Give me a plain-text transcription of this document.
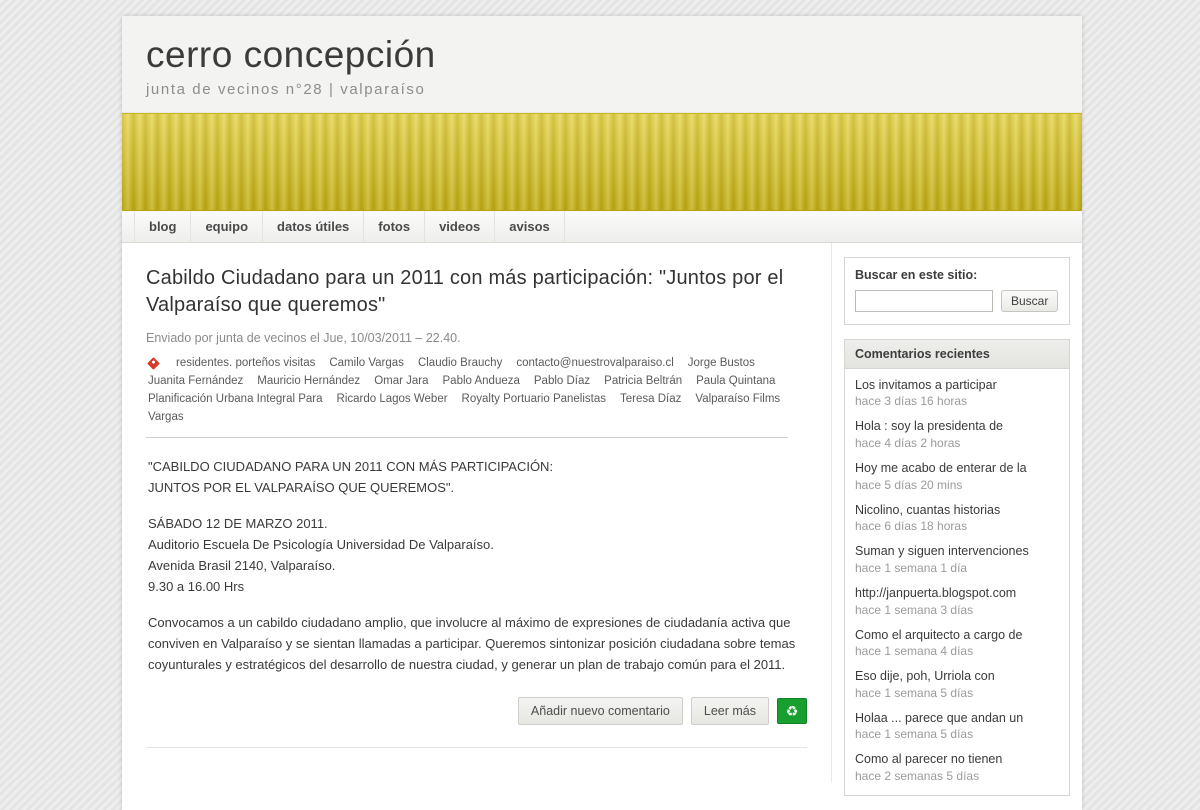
cerro concepción
junta de vecinos n°28 | valparaíso
blog	equipo	datos útiles	fotos	videos	avisos
Cabildo Ciudadano para un 2011 con más participación: "Juntos por el Valparaíso que queremos"
Enviado por junta de vecinos el Jue, 10/03/2011 – 22.40.
residentes. porteños visitas Camilo Vargas Claudio Brauchy contacto@nuestrovalparaiso.cl Jorge Bustos
Juanita Fernández Mauricio Hernández Omar Jara Pablo Andueza Pablo Díaz Patricia Beltrán Paula Quintana
Planificación Urbana Integral Para Ricardo Lagos Weber Royalty Portuario Panelistas Teresa Díaz Valparaíso Films
Vargas

"CABILDO CIUDADANO PARA UN 2011 CON MÁS PARTICIPACIÓN:

JUNTOS POR EL VALPARAÍSO QUE QUEREMOS".

SÁBADO 12 DE MARZO 2011.

Auditorio Escuela De Psicología Universidad De Valparaíso.

Avenida Brasil 2140, Valparaíso.

9.30 a 16.00 Hrs

Convocamos a un cabildo ciudadano amplio, que involucre al máximo de expresiones de ciudadanía activa que conviven en Valparaíso y se sientan llamadas a participar. Queremos sintonizar posición ciudadana sobre temas coyunturales y estratégicos del desarrollo de nuestra ciudad, y generar un plan de trabajo común para el 2011.

Añadir nuevo comentario	Leer más	♻
Buscar en este sitio:
Buscar
Comentarios recientes
Los invitamos a participar
hace 3 días 16 horas
Hola : soy la presidenta de
hace 4 días 2 horas
Hoy me acabo de enterar de la
hace 5 días 20 mins
Nicolino, cuantas historias
hace 6 días 18 horas
Suman y siguen intervenciones
hace 1 semana 1 día
http://janpuerta.blogspot.com
hace 1 semana 3 días
Como el arquitecto a cargo de
hace 1 semana 4 días
Eso dije, poh, Urriola con
hace 1 semana 5 días
Holaa ... parece que andan un
hace 1 semana 5 días
Como al parecer no tienen
hace 2 semanas 5 días
